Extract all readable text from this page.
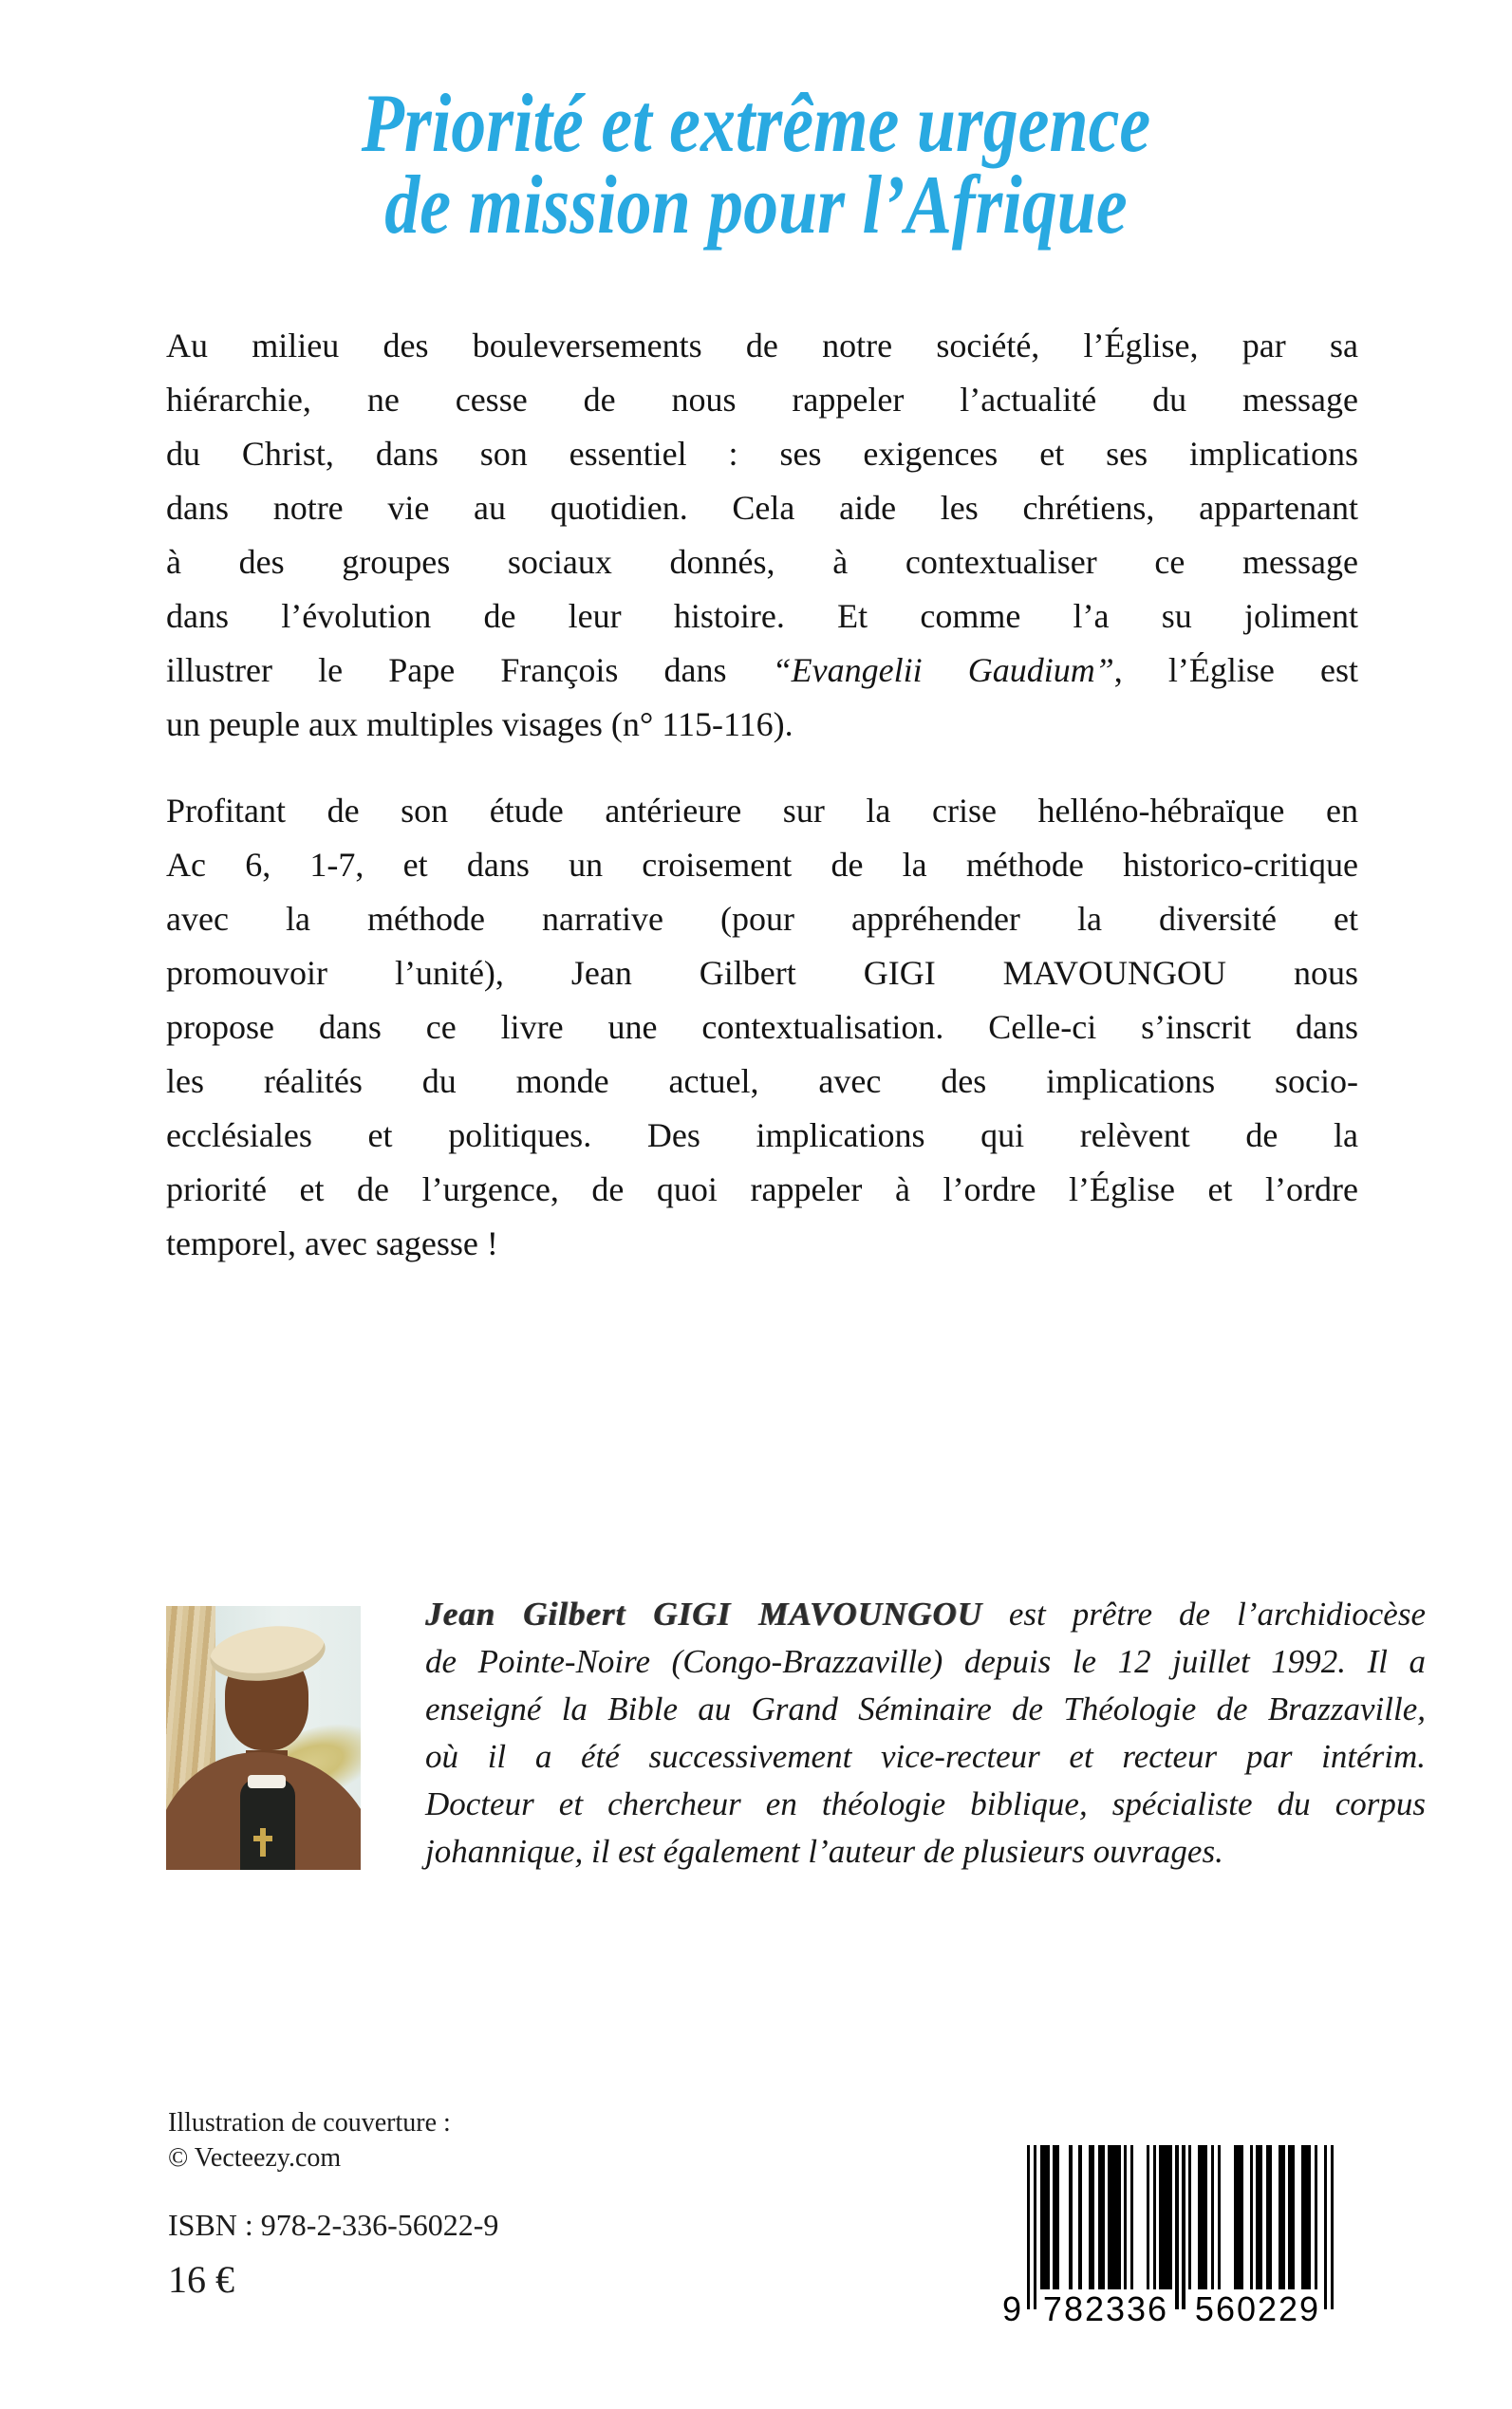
Priorité et extrême urgence
de mission pour l’Afrique
Au milieu des bouleversements de notre société, l’Église, par sa
hiérarchie, ne cesse de nous rappeler l’actualité du message
du Christ, dans son essentiel : ses exigences et ses implications
dans notre vie au quotidien. Cela aide les chrétiens, appartenant
à des groupes sociaux donnés, à contextualiser ce message
dans l’évolution de leur histoire. Et comme l’a su joliment
illustrer le Pape François dans “Evangelii Gaudium”, l’Église est
un peuple aux multiples visages (n° 115-116).
Profitant de son étude antérieure sur la crise helléno-hébraïque en
Ac 6, 1-7, et dans un croisement de la méthode historico-critique
avec la méthode narrative (pour appréhender la diversité et
promouvoir l’unité), Jean Gilbert GIGI MAVOUNGOU nous
propose dans ce livre une contextualisation. Celle-ci s’inscrit dans
les réalités du monde actuel, avec des implications socio-
ecclésiales et politiques. Des implications qui relèvent de la
priorité et de l’urgence, de quoi rappeler à l’ordre l’Église et l’ordre
temporel, avec sagesse !
Jean Gilbert GIGI MAVOUNGOU est prêtre de l’archidiocèse
de Pointe-Noire (Congo-Brazzaville) depuis le 12 juillet 1992. Il a
enseigné la Bible au Grand Séminaire de Théologie de Brazzaville,
où il a été successivement vice-recteur et recteur par intérim.
Docteur et chercheur en théologie biblique, spécialiste du corpus
johannique, il est également l’auteur de plusieurs ouvrages.
Illustration de couverture :
© Vecteezy.com
ISBN : 978-2-336-56022-9
16 €
9 782336 560229
